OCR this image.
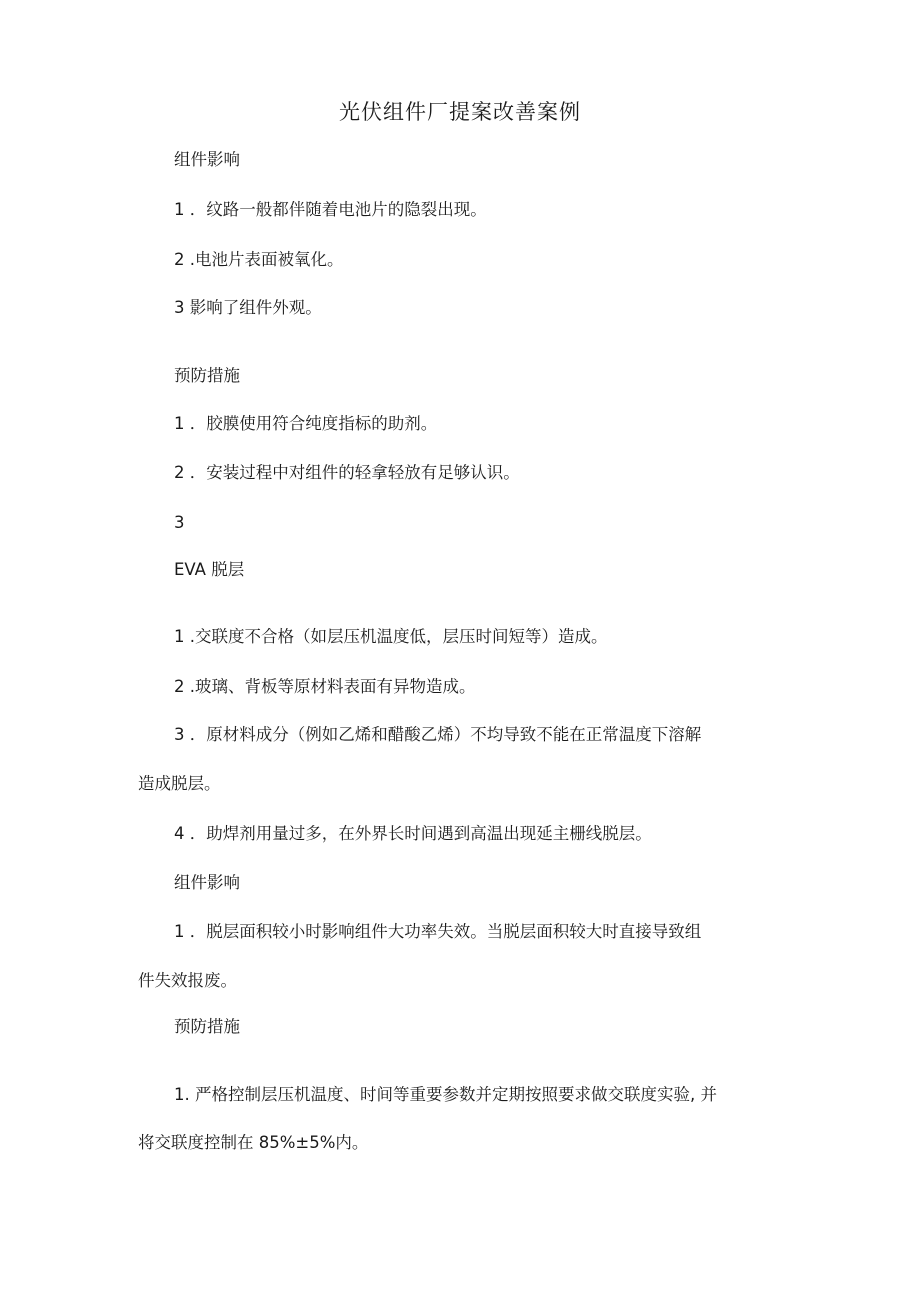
光伏组件厂提案改善案例
组件影响
1 ．纹路一般都伴随着电池片的隐裂出现。
2 .电池片表面被氧化。
3 影响了组件外观。
预防措施
1 ．胶膜使用符合纯度指标的助剂。
2 ．安装过程中对组件的轻拿轻放有足够认识。
3
EVA 脱层
1 .交联度不合格（如层压机温度低，层压时间短等）造成。
2 .玻璃、背板等原材料表面有异物造成。
3 ．原材料成分（例如乙烯和醋酸乙烯）不均导致不能在正常温度下溶解
造成脱层。
4 ．助焊剂用量过多，在外界长时间遇到高温出现延主栅线脱层。
组件影响
1 ．脱层面积较小时影响组件大功率失效。当脱层面积较大时直接导致组
件失效报废。
预防措施
1. 严格控制层压机温度、时间等重要参数并定期按照要求做交联度实验, 并
将交联度控制在 85%±5%内。
